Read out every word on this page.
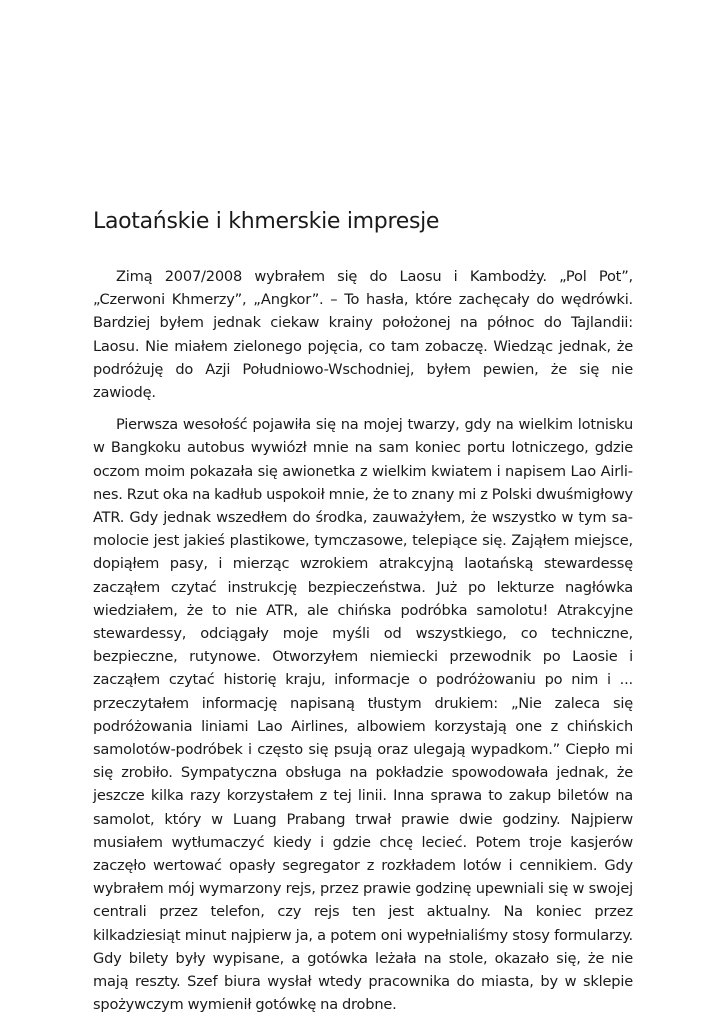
Laotańskie i khmerskie impresje

Zimą 2007/2008 wybrałem się do Laosu i Kambodży. „Pol Pot”, „Czerwoni Khmerzy”, „Angkor”. – To hasła, które zachęcały do wędrówki. Bardziej byłem jednak ciekaw krainy położonej na północ do Tajlandii: Laosu. Nie miałem zielonego pojęcia, co tam zobaczę. Wiedząc jednak, że podróżuję do Azji Południowo-Wschodniej, byłem pewien, że się nie zawiodę.

Pierwsza wesołość pojawiła się na mojej twarzy, gdy na wielkim lotnisku w Bangkoku autobus wywiózł mnie na sam koniec portu lotniczego, gdzie oczom moim pokazała się awionetka z wielkim kwiatem i napisem Lao Airlines. Rzut oka na kadłub uspokoił mnie, że to znany mi z Polski dwuśmigłowy ATR. Gdy jednak wszedłem do środka, zauważyłem, że wszystko w tym samolocie jest jakieś plastikowe, tymczasowe, telepiące się. Zająłem miejsce, dopiąłem pasy, i mierząc wzrokiem atrakcyjną laotańską stewardessę zacząłem czytać instrukcję bezpieczeństwa. Już po lekturze nagłówka wiedziałem, że to nie ATR, ale chińska podróbka samolotu! Atrakcyjne stewardessy, odciągały moje myśli od wszystkiego, co techniczne, bezpieczne, rutynowe. Otworzyłem niemiecki przewodnik po Laosie i zacząłem czytać historię kraju, informacje o podróżowaniu po nim i ... przeczytałem informację napisaną tłustym drukiem: „Nie zaleca się podróżowania liniami Lao Airlines, albowiem korzystają one z chińskich samolotów-podróbek i często się psują oraz ulegają wypadkom.” Ciepło mi się zrobiło. Sympatyczna obsługa na pokładzie spowodowała jednak, że jeszcze kilka razy korzystałem z tej linii. Inna sprawa to zakup biletów na samolot, który w Luang Prabang trwał prawie dwie godziny. Najpierw musiałem wytłumaczyć kiedy i gdzie chcę lecieć. Potem troje kasjerów zaczęło wertować opasły segregator z rozkładem lotów i cennikiem. Gdy wybrałem mój wymarzony rejs, przez prawie godzinę upewniali się w swojej centrali przez telefon, czy rejs ten jest aktualny. Na koniec przez kilkadziesiąt minut najpierw ja, a potem oni wypełnialiśmy stosy formularzy. Gdy bilety były wypisane, a gotówka leżała na stole, okazało się, że nie mają reszty. Szef biura wysłał wtedy pracownika do miasta, by w sklepie spożywczym wymienił gotówkę na drobne.
